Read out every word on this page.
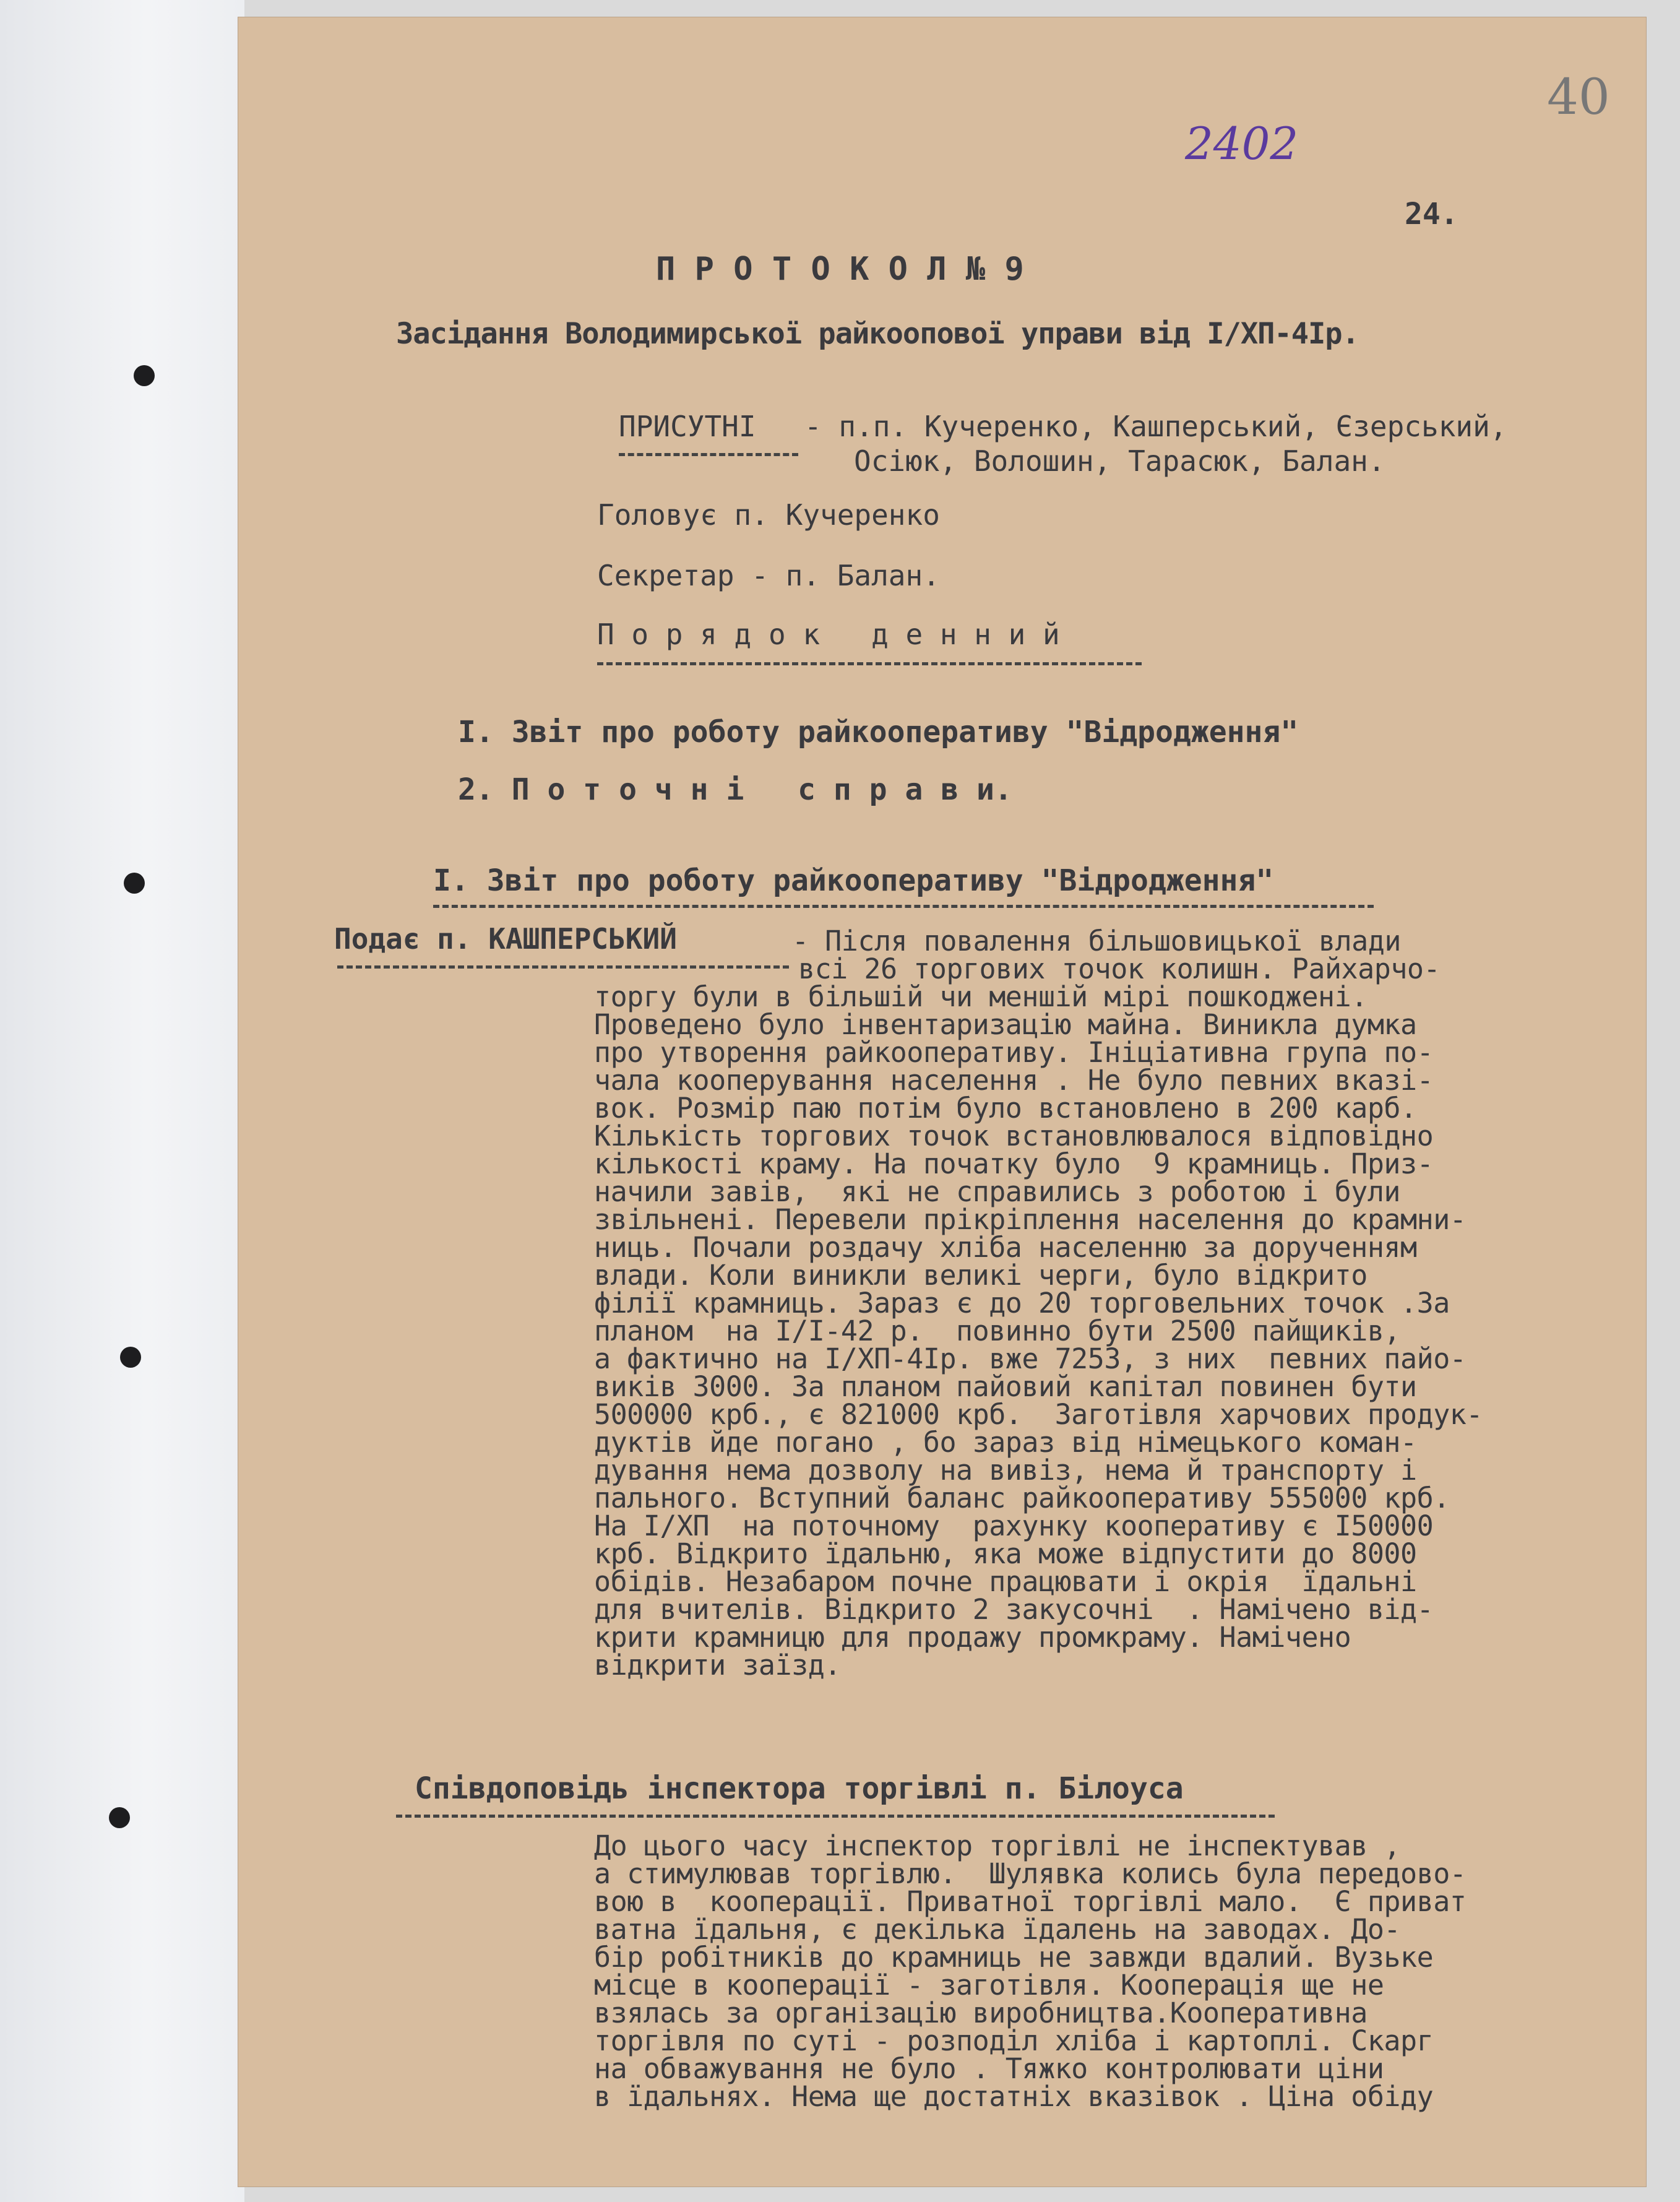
40
2402
24.
П Р О Т О К О Л № 9
Засідання Володимирської райкоопової управи від І/ХП-4Ір.
ПРИСУТНІ - п.п. Кучеренко, Кашперський, Єзерський,
Осіюк, Волошин, Тарасюк, Балан.
Головує п. Кучеренко
Секретар - п. Балан.
П о р я д о к   д е н н и й
І. Звіт про роботу райкооперативу "Відродження"
2. П о т о ч н і   с п р а в и.
І. Звіт про роботу райкооперативу "Відродження"
Подає п. КАШПЕРСЬКИЙ	- Після повалення більшовицької влади
всі 26 торгових точок колишн. Райхарчо-
торгу були в більшій чи меншій мірі пошкоджені.
Проведено було інвентаризацію майна. Виникла думка
про утворення райкооперативу. Ініціативна група по-
чала кооперування населення . Не було певних вказі-
вок. Розмір паю потім було встановлено в 200 карб.
Кількість торгових точок встановлювалося відповідно
кількості краму. На початку було  9 крамниць. Приз-
начили завів,  які не справились з роботою і були
звільнені. Перевели прікріплення населення до крамни-
ниць. Почали роздачу хліба населенню за дорученням
влади. Коли виникли великі черги, було відкрито
філії крамниць. Зараз є до 20 торговельних точок .За
планом  на І/І-42 р.  повинно бути 2500 пайщиків,
а фактично на І/ХП-4Ір. вже 7253, з них  певних пайо-
виків 3000. За планом пайовий капітал повинен бути
500000 крб., є 821000 крб.  Заготівля харчових продук-
дуктів йде погано , бо зараз від німецького коман-
дування нема дозволу на вивіз, нема й транспорту і
пального. Вступний баланс райкооперативу 555000 крб.
На І/ХП  на поточному  рахунку кооперативу є І50000
крб. Відкрито їдальню, яка може відпустити до 8000
обідів. Незабаром почне працювати і окрія  їдальні
для вчителів. Відкрито 2 закусочні  . Намічено від-
крити крамницю для продажу промкраму. Намічено
відкрити заїзд.
Співдоповідь інспектора торгівлі п. Білоуса
До цього часу інспектор торгівлі не інспектував ,
а стимулював торгівлю.  Шулявка колись була передово-
вою в  кооперації. Приватної торгівлі мало.  Є приват
ватна їдальня, є декілька їдалень на заводах. До-
бір робітників до крамниць не завжди вдалий. Вузьке
місце в кооперації - заготівля. Кооперація ще не
взялась за організацію виробництва.Кооперативна
торгівля по суті - розподіл хліба і картоплі. Скарг
на обважування не було . Тяжко контролювати ціни
в їдальнях. Нема ще достатніх вказівок . Ціна обіду
